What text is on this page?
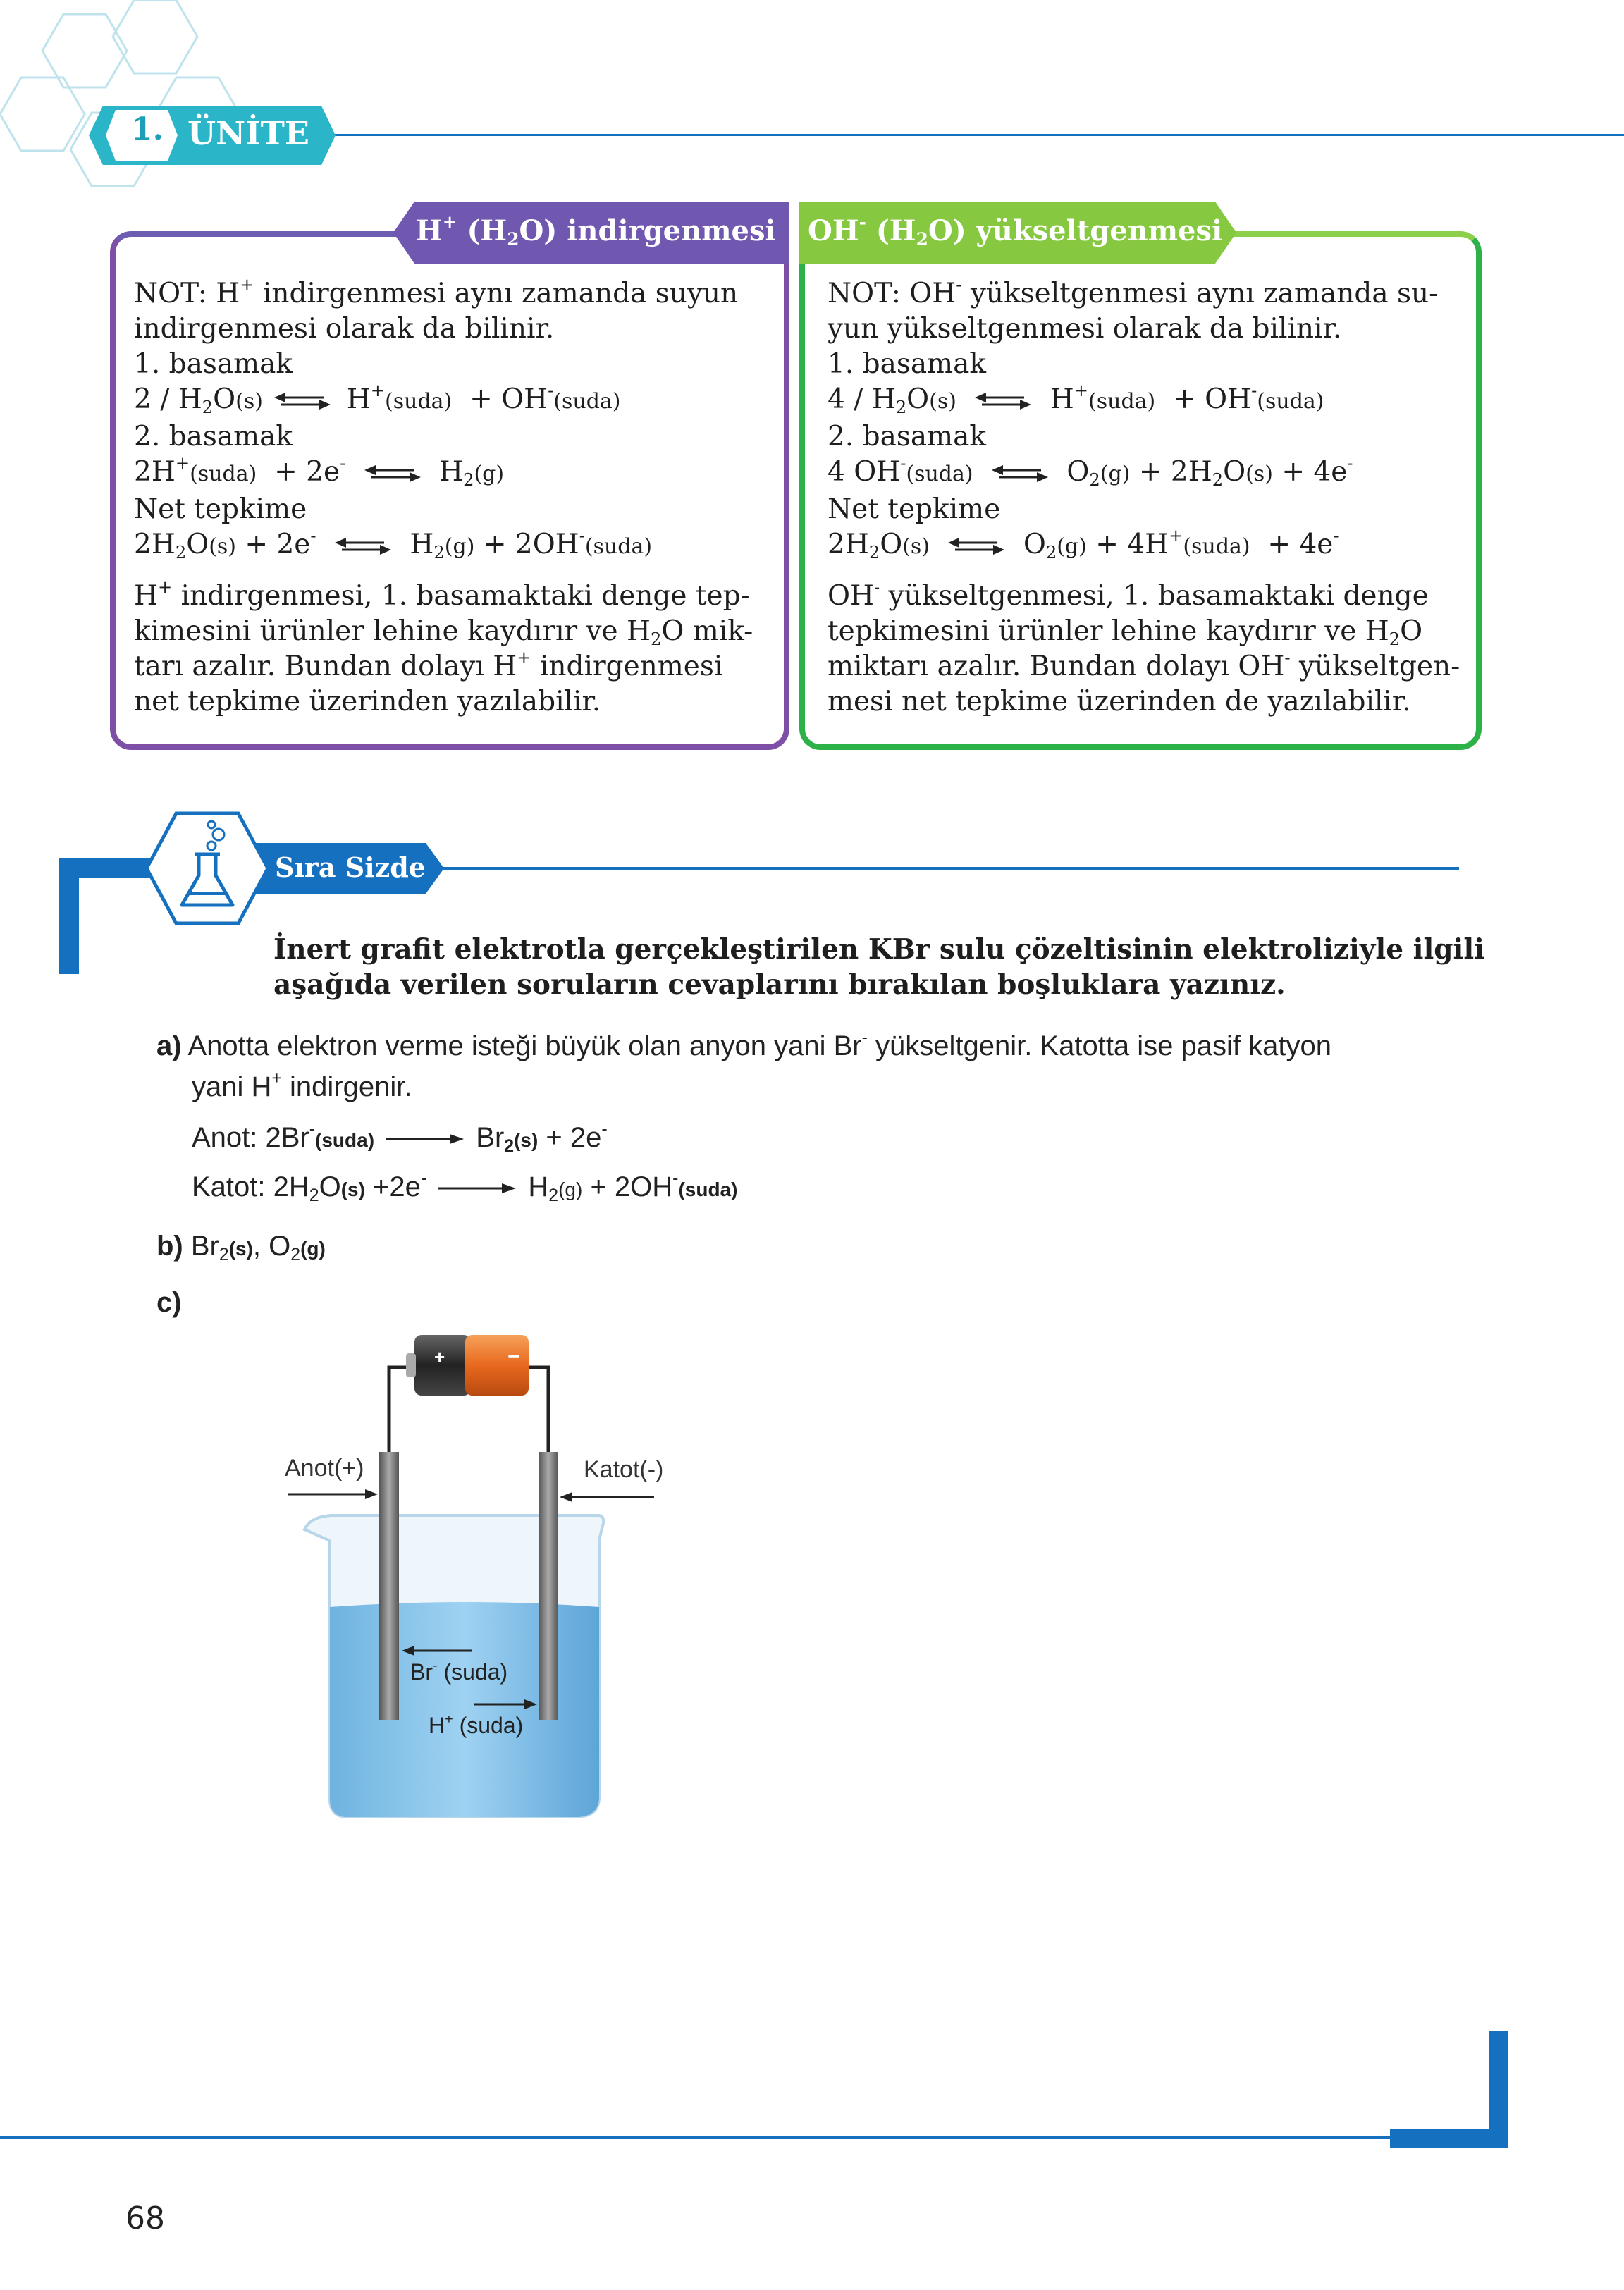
1. ÜNİTE
H+ $(H_2O)$ indirgenmesi
NOT: H+ indirgenmesi aynı zamanda suyun
indirgenmesi olarak da bilinir.
1. basamak
$2 / H_2O(s)$ ⇌ H+(suda) + OH-(suda)
2. basamak
2H+(suda) + 2e- ⇌ $H_2(g)$
Net tepkime
$2H_2O(s) + 2e^-$ ⇌ $H_2(g)$ + 2OH-(suda)
H+ indirgenmesi, 1. basamaktaki denge tep-
kimesini ürünler lehine kaydırır ve $H_2O$ mik-
tarı azalır. Bundan dolayı H+ indirgenmesi
net tepkime üzerinden yazılabilir.
OH- $(H_2O)$ yükseltgenmesi
NOT: OH- yükseltgenmesi aynı zamanda su-
yun yükseltgenmesi olarak da bilinir.
1. basamak
$4 / H_2O(s)$ ⇌ H+(suda) + OH-(suda)
2. basamak
4 OH-(suda) ⇌ $O_2(g) + 2H_2O(s) + 4e^-$
Net tepkime
$2H_2O(s)$ ⇌ $O_2(g)$ + 4H+(suda) + 4e-
OH- yükseltgenmesi, 1. basamaktaki denge
tepkimesini ürünler lehine kaydırır ve $H_2O$
miktarı azalır. Bundan dolayı OH- yükseltgen-
mesi net tepkime üzerinden de yazılabilir.
Sıra Sizde
İnert grafit elektrotla gerçekleştirilen KBr sulu çözeltisinin elektroliziyle ilgili
aşağıda verilen soruların cevaplarını bırakılan boşluklara yazınız.
a) Anotta elektron verme isteği büyük olan anyon yani Br- yükseltgenir. Katotta ise pasif katyon
yani H+ indirgenir.
Anot: 2Br-(suda) → $Br_2(s) + 2e^-$
Katot: $2H_2O(s) +2e^- \to H_2(g)$ + 2OH-(suda)
b) $Br_2(s)$, $O_2(g)$
c)
+	−
Anot(+)	Katot(-)
Br- (suda)
H+ (suda)
68
